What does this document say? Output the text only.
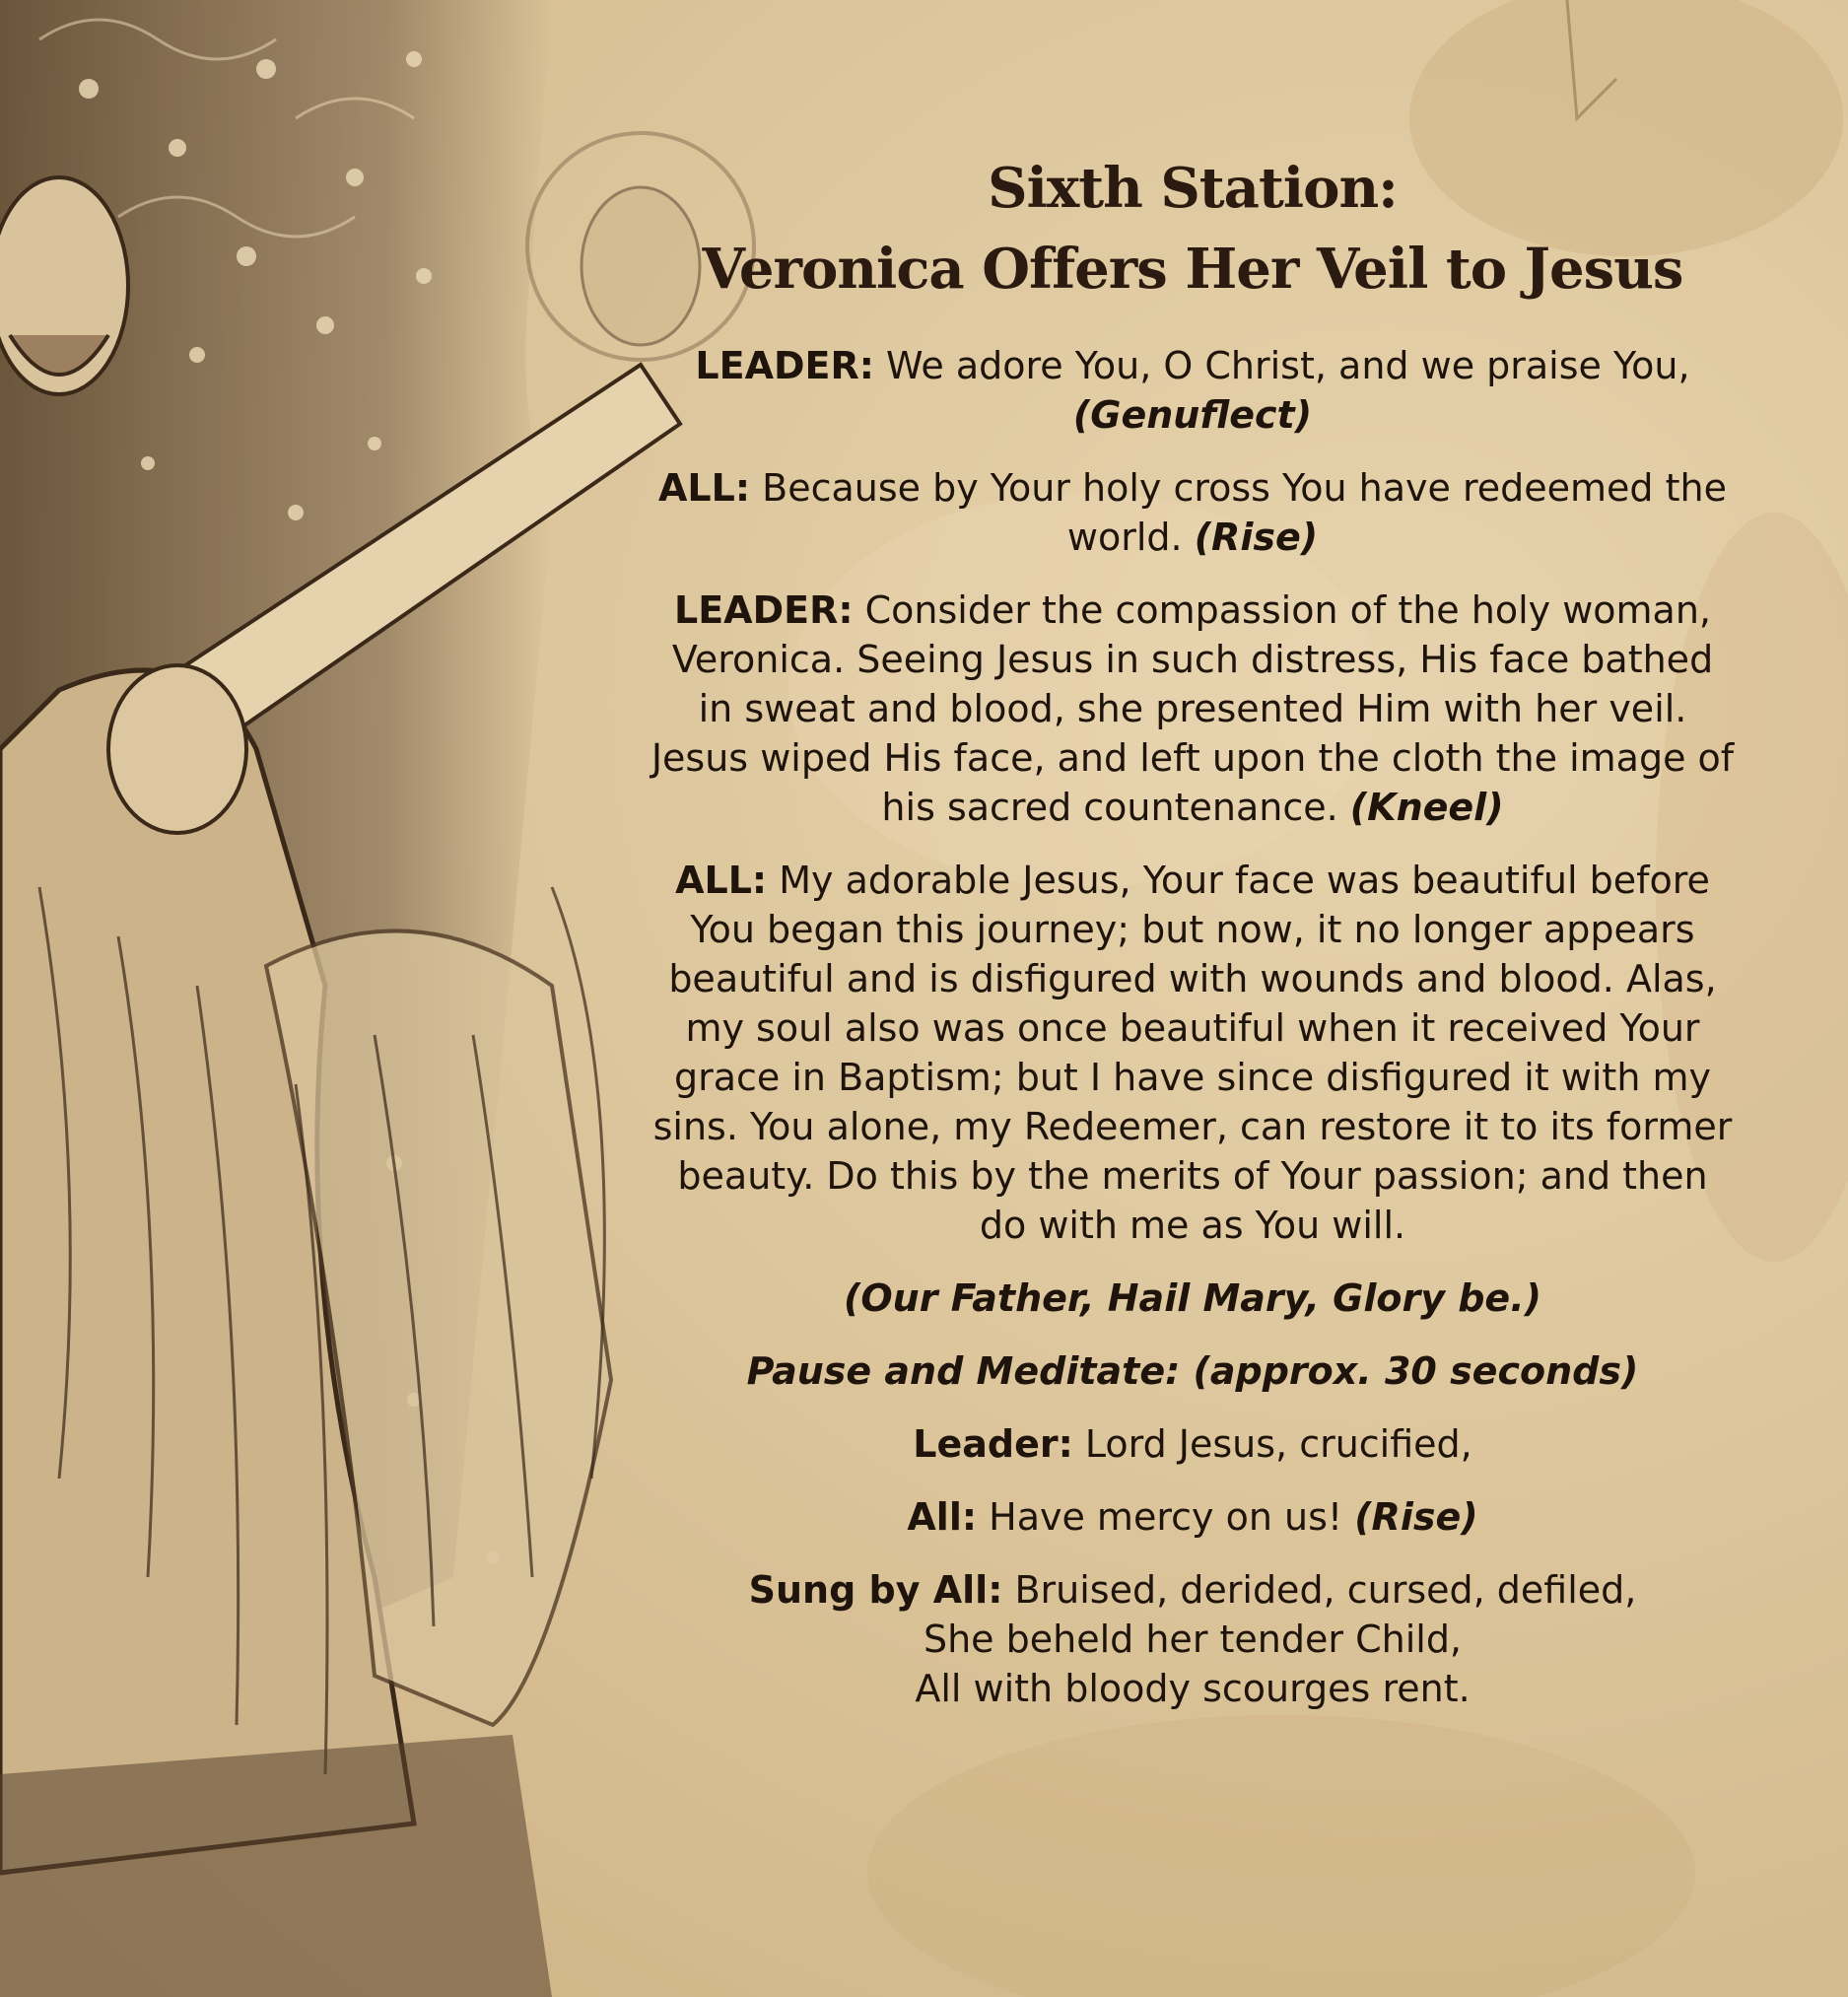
Sixth Station:
Veronica Offers Her Veil to Jesus
LEADER: We adore You, O Christ, and we praise You,
(Genuflect)
ALL: Because by Your holy cross You have redeemed the world. (Rise)
LEADER: Consider the compassion of the holy woman, Veronica. Seeing Jesus in such distress, His face bathed in sweat and blood, she presented Him with her veil. Jesus wiped His face, and left upon the cloth the image of his sacred countenance. (Kneel)
ALL: My adorable Jesus, Your face was beautiful before You began this journey; but now, it no longer appears beautiful and is disfigured with wounds and blood. Alas, my soul also was once beautiful when it received Your grace in Baptism; but I have since disfigured it with my sins. You alone, my Redeemer, can restore it to its former beauty. Do this by the merits of Your passion; and then do with me as You will.
(Our Father, Hail Mary, Glory be.)
Pause and Meditate: (approx. 30 seconds)
Leader: Lord Jesus, crucified,
All: Have mercy on us! (Rise)
Sung by All: Bruised, derided, cursed, defiled,
She beheld her tender Child,
All with bloody scourges rent.
